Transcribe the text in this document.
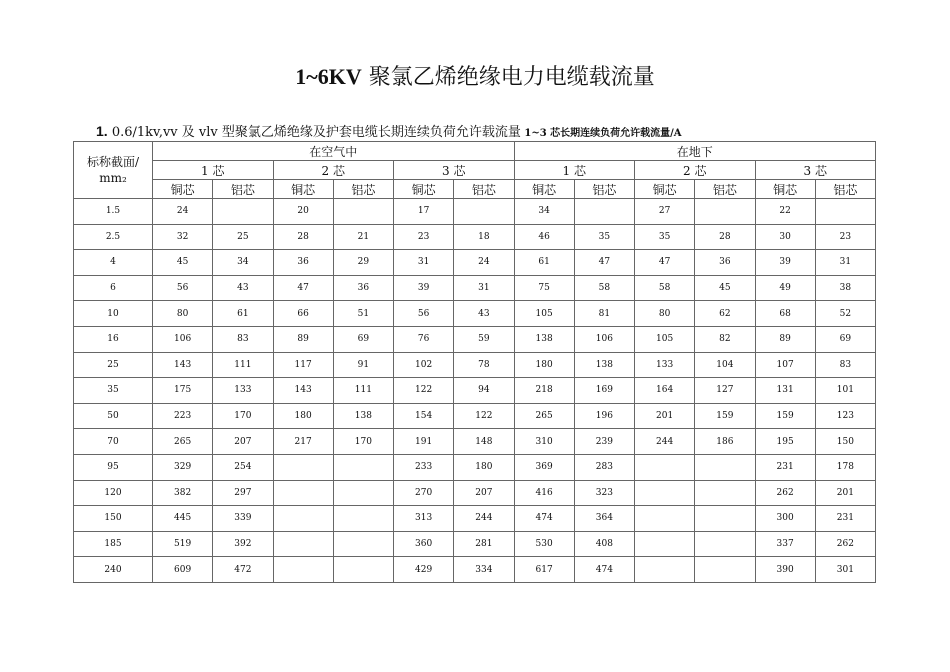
1~6KV 聚氯乙烯绝缘电力电缆载流量
1. 0.6/1kv,vv 及 vlv 型聚氯乙烯绝缘及护套电缆长期连续负荷允许载流量 1~3 芯长期连续负荷允许载流量/A
标称截面/
mm₂	在空气中						在地下					
	1 芯		2 芯		3 芯		1 芯		2 芯		3 芯	
	铜芯	铝芯	铜芯	铝芯	铜芯	铝芯	铜芯	铝芯	铜芯	铝芯	铜芯	铝芯
1.5	24		20		17		34		27		22	
2.5	32	25	28	21	23	18	46	35	35	28	30	23
4	45	34	36	29	31	24	61	47	47	36	39	31
6	56	43	47	36	39	31	75	58	58	45	49	38
10	80	61	66	51	56	43	105	81	80	62	68	52
16	106	83	89	69	76	59	138	106	105	82	89	69
25	143	111	117	91	102	78	180	138	133	104	107	83
35	175	133	143	111	122	94	218	169	164	127	131	101
50	223	170	180	138	154	122	265	196	201	159	159	123
70	265	207	217	170	191	148	310	239	244	186	195	150
95	329	254			233	180	369	283			231	178
120	382	297			270	207	416	323			262	201
150	445	339			313	244	474	364			300	231
185	519	392			360	281	530	408			337	262
240	609	472			429	334	617	474			390	301
